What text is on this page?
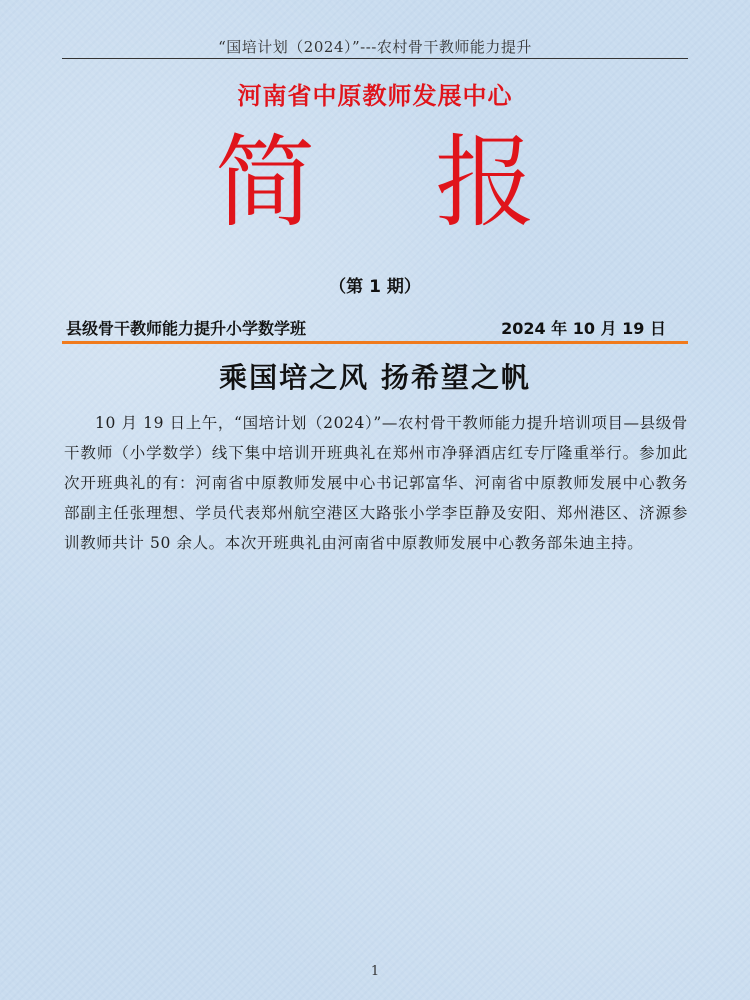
“国培计划（2024）”---农村骨干教师能力提升
河南省中原教师发展中心
简报
（第 1 期）
县级骨干教师能力提升小学数学班	2024 年 10 月 19 日
乘国培之风 扬希望之帆

10 月 19 日上午，“国培计划（2024）”—农村骨干教师能力提升培训项目—县级骨干教师（小学数学）线下集中培训开班典礼在郑州市净驿酒店红专厅隆重举行。参加此次开班典礼的有：河南省中原教师发展中心书记郭富华、河南省中原教师发展中心教务部副主任张理想、学员代表郑州航空港区大路张小学李臣静及安阳、郑州港区、济源参训教师共计 50 余人。本次开班典礼由河南省中原教师发展中心教务部朱迪主持。

1
